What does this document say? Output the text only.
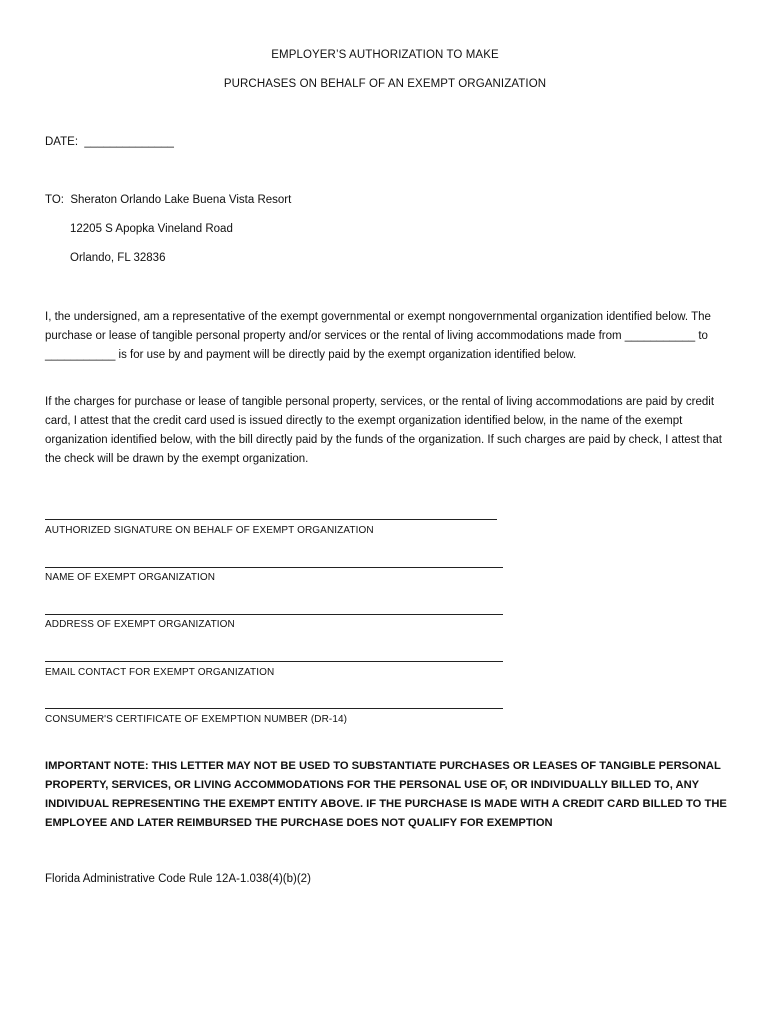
EMPLOYER’S AUTHORIZATION TO MAKE
PURCHASES ON BEHALF OF AN EXEMPT ORGANIZATION
DATE:  ______________
TO:  Sheraton Orlando Lake Buena Vista Resort
12205 S Apopka Vineland Road
Orlando, FL 32836

I, the undersigned, am a representative of the exempt governmental or exempt nongovernmental organization identified below. The purchase or lease of tangible personal property and/or services or the rental of living accommodations made from ___________ to ___________ is for use by and payment will be directly paid by the exempt organization identified below.

If the charges for purchase or lease of tangible personal property, services, or the rental of living accommodations are paid by credit card, I attest that the credit card used is issued directly to the exempt organization identified below, in the name of the exempt organization identified below, with the bill directly paid by the funds of the organization. If such charges are paid by check, I attest that the check will be drawn by the exempt organization.

AUTHORIZED SIGNATURE ON BEHALF OF EXEMPT ORGANIZATION
NAME OF EXEMPT ORGANIZATION
ADDRESS OF EXEMPT ORGANIZATION
EMAIL CONTACT FOR EXEMPT ORGANIZATION
CONSUMER'S CERTIFICATE OF EXEMPTION NUMBER (DR-14)

IMPORTANT NOTE: THIS LETTER MAY NOT BE USED TO SUBSTANTIATE PURCHASES OR LEASES OF TANGIBLE PERSONAL PROPERTY, SERVICES, OR LIVING ACCOMMODATIONS FOR THE PERSONAL USE OF, OR INDIVIDUALLY BILLED TO, ANY INDIVIDUAL REPRESENTING THE EXEMPT ENTITY ABOVE. IF THE PURCHASE IS MADE WITH A CREDIT CARD BILLED TO THE EMPLOYEE AND LATER REIMBURSED THE PURCHASE DOES NOT QUALIFY FOR EXEMPTION

Florida Administrative Code Rule 12A-1.038(4)(b)(2)
